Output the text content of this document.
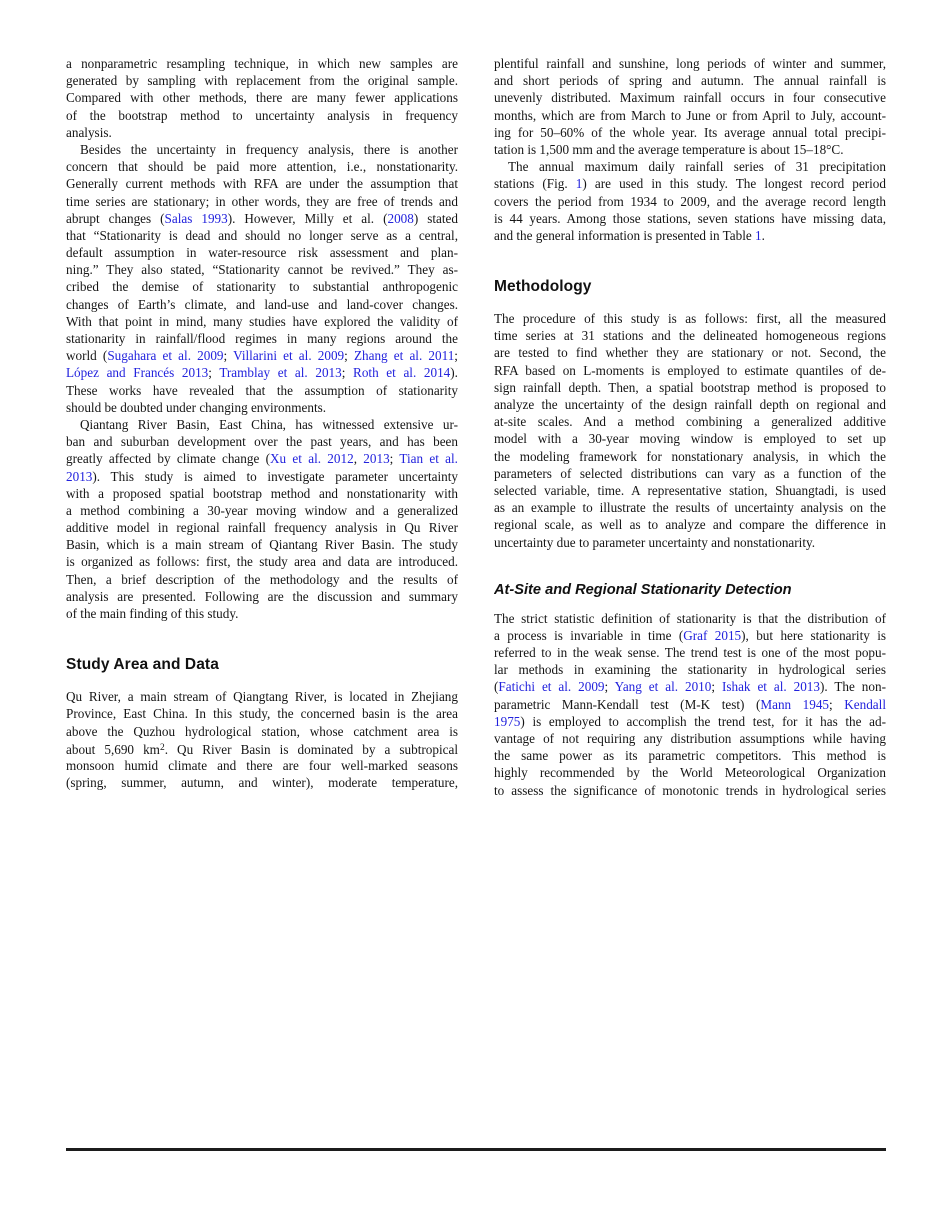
a nonparametric resampling technique, in which new samples are
generated by sampling with replacement from the original sample.
Compared with other methods, there are many fewer applications
of the bootstrap method to uncertainty analysis in frequency
analysis.
Besides the uncertainty in frequency analysis, there is another
concern that should be paid more attention, i.e., nonstationarity.
Generally current methods with RFA are under the assumption that
time series are stationary; in other words, they are free of trends and
abrupt changes (Salas 1993). However, Milly et al. (2008) stated
that “Stationarity is dead and should no longer serve as a central,
default assumption in water-resource risk assessment and plan-
ning.” They also stated, “Stationarity cannot be revived.” They as-
cribed the demise of stationarity to substantial anthropogenic
changes of Earth’s climate, and land-use and land-cover changes.
With that point in mind, many studies have explored the validity of
stationarity in rainfall/flood regimes in many regions around the
world (Sugahara et al. 2009; Villarini et al. 2009; Zhang et al. 2011;
López and Francés 2013; Tramblay et al. 2013; Roth et al. 2014).
These works have revealed that the assumption of stationarity
should be doubted under changing environments.
Qiantang River Basin, East China, has witnessed extensive ur-
ban and suburban development over the past years, and has been
greatly affected by climate change (Xu et al. 2012, 2013; Tian et al.
2013). This study is aimed to investigate parameter uncertainty
with a proposed spatial bootstrap method and nonstationarity with
a method combining a 30-year moving window and a generalized
additive model in regional rainfall frequency analysis in Qu River
Basin, which is a main stream of Qiantang River Basin. The study
is organized as follows: first, the study area and data are introduced.
Then, a brief description of the methodology and the results of
analysis are presented. Following are the discussion and summary
of the main finding of this study.
Study Area and Data
Qu River, a main stream of Qiangtang River, is located in Zhejiang
Province, East China. In this study, the concerned basin is the area
above the Quzhou hydrological station, whose catchment area is
about 5,690 $km^2$. Qu River Basin is dominated by a subtropical
monsoon humid climate and there are four well-marked seasons
(spring, summer, autumn, and winter), moderate temperature,
plentiful rainfall and sunshine, long periods of winter and summer,
and short periods of spring and autumn. The annual rainfall is
unevenly distributed. Maximum rainfall occurs in four consecutive
months, which are from March to June or from April to July, account-
ing for 50–60% of the whole year. Its average annual total precipi-
tation is 1,500 mm and the average temperature is about 15–18°C.
The annual maximum daily rainfall series of 31 precipitation
stations (Fig. 1) are used in this study. The longest record period
covers the period from 1934 to 2009, and the average record length
is 44 years. Among those stations, seven stations have missing data,
and the general information is presented in Table 1.
Methodology
The procedure of this study is as follows: first, all the measured
time series at 31 stations and the delineated homogeneous regions
are tested to find whether they are stationary or not. Second, the
RFA based on L-moments is employed to estimate quantiles of de-
sign rainfall depth. Then, a spatial bootstrap method is proposed to
analyze the uncertainty of the design rainfall depth on regional and
at-site scales. And a method combining a generalized additive
model with a 30-year moving window is employed to set up
the modeling framework for nonstationary analysis, in which the
parameters of selected distributions can vary as a function of the
selected variable, time. A representative station, Shuangtadi, is used
as an example to illustrate the results of uncertainty analysis on the
regional scale, as well as to analyze and compare the difference in
uncertainty due to parameter uncertainty and nonstationarity.
At-Site and Regional Stationarity Detection
The strict statistic definition of stationarity is that the distribution of
a process is invariable in time (Graf 2015), but here stationarity is
referred to in the weak sense. The trend test is one of the most popu-
lar methods in examining the stationarity in hydrological series
(Fatichi et al. 2009; Yang et al. 2010; Ishak et al. 2013). The non-
parametric Mann-Kendall test (M-K test) (Mann 1945; Kendall
1975) is employed to accomplish the trend test, for it has the ad-
vantage of not requiring any distribution assumptions while having
the same power as its parametric competitors. This method is
highly recommended by the World Meteorological Organization
to assess the significance of monotonic trends in hydrological series
